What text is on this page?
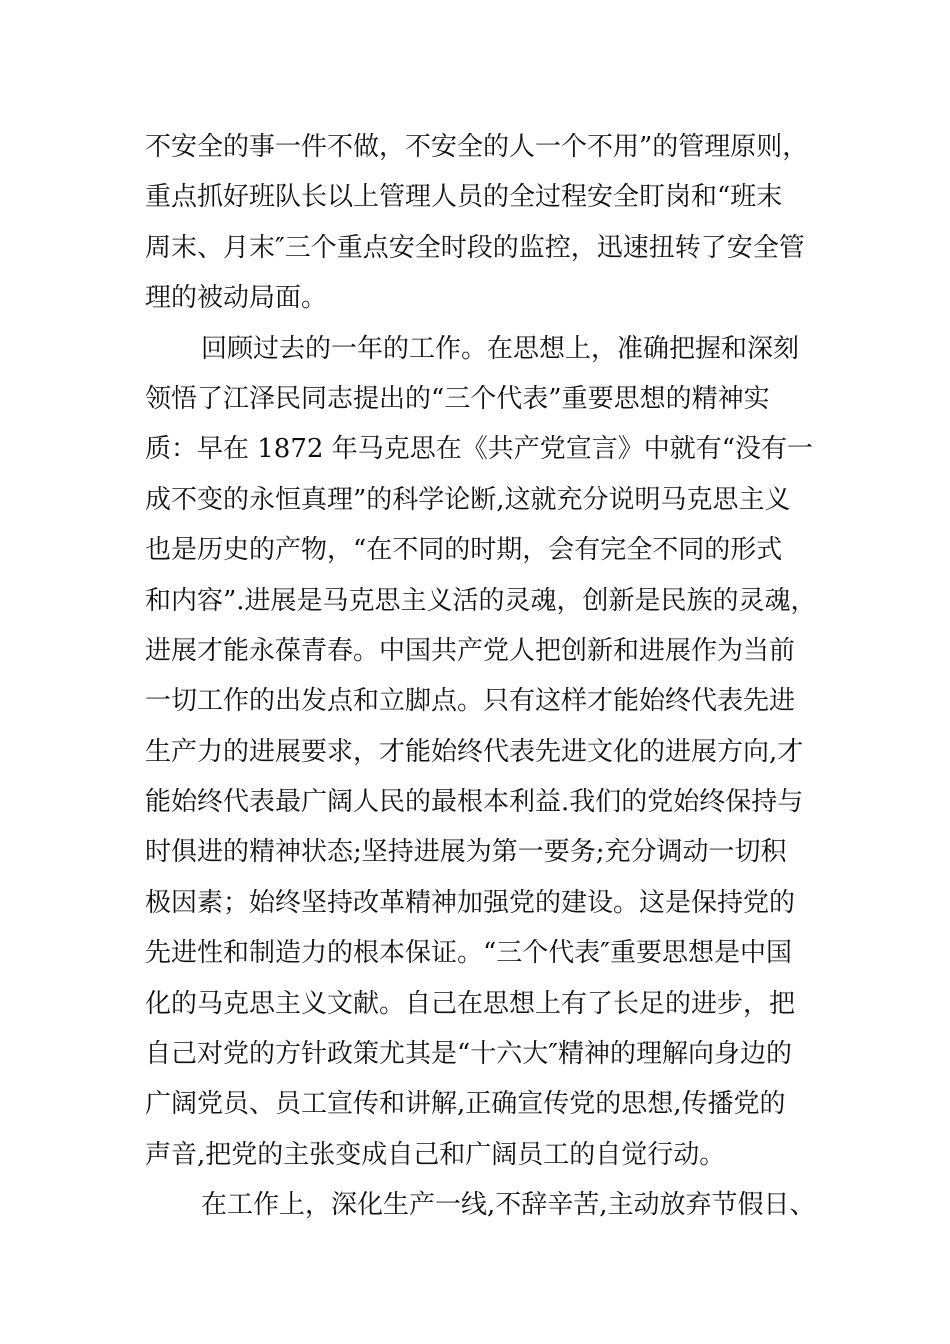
不安全的事一件不做，不安全的人一个不用”的管理原则，
重点抓好班队长以上管理人员的全过程安全盯岗和“班末
周末、月末″三个重点安全时段的监控，迅速扭转了安全管
理的被动局面。
回顾过去的一年的工作。在思想上，准确把握和深刻
领悟了江泽民同志提出的“三个代表”重要思想的精神实
质：早在 1872 年马克思在《共产党宣言》中就有“没有一
成不变的永恒真理”的科学论断,这就充分说明马克思主义
也是历史的产物，“在不同的时期，会有完全不同的形式
和内容”.进展是马克思主义活的灵魂，创新是民族的灵魂，
进展才能永葆青春。中国共产党人把创新和进展作为当前
一切工作的出发点和立脚点。只有这样才能始终代表先进
生产力的进展要求，才能始终代表先进文化的进展方向,才
能始终代表最广阔人民的最根本利益.我们的党始终保持与
时俱进的精神状态;坚持进展为第一要务;充分调动一切积
极因素；始终坚持改革精神加强党的建设。这是保持党的
先进性和制造力的根本保证。“三个代表″重要思想是中国
化的马克思主义文献。自己在思想上有了长足的进步，把
自己对党的方针政策尤其是“十六大″精神的理解向身边的
广阔党员、员工宣传和讲解,正确宣传党的思想,传播党的
声音,把党的主张变成自己和广阔员工的自觉行动。
在工作上，深化生产一线,不辞辛苦,主动放弃节假日、
